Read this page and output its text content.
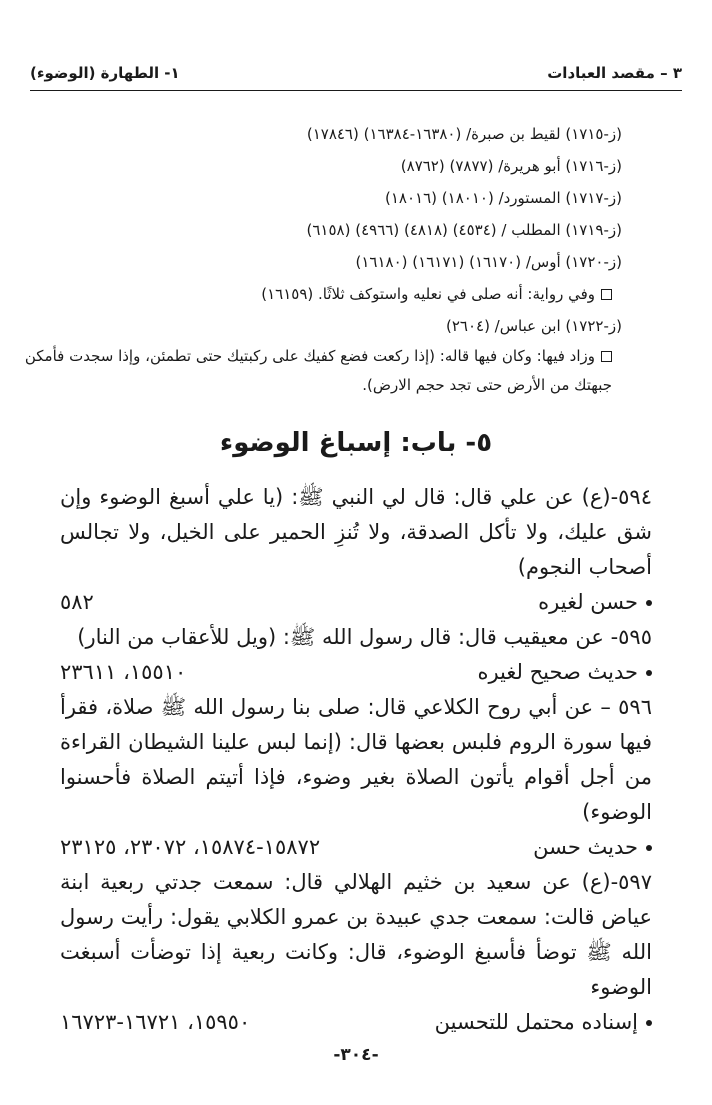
٣ – مقصد العبادات
١- الطهارة (الوضوء)
(ز-١٧١٥) لقيط بن صبرة/ (١٦٣٨٠-١٦٣٨٤) (١٧٨٤٦)
(ز-١٧١٦) أبو هريرة/ (٧٨٧٧) (٨٧٦٢)
(ز-١٧١٧) المستورد/ (١٨٠١٠) (١٨٠١٦)
(ز-١٧١٩) المطلب / (٤٥٣٤) (٤٨١٨) (٤٩٦٦) (٦١٥٨)
(ز-١٧٢٠) أوس/ (١٦١٧٠) (١٦١٧١) (١٦١٨٠)
وفي رواية: أنه صلى في نعليه واستوكف ثلاثًا. (١٦١٥٩)
(ز-١٧٢٢) ابن عباس/ (٢٦٠٤)
وزاد فيها: وكان فيها قاله: (إذا ركعت فضع كفيك على ركبتيك حتى تطمئن، وإذا سجدت فأمكن جبهتك من الأرض حتى تجد حجم الارض).
٥- باب: إسباغ الوضوء
٥٩٤-(ع) عن علي قال: قال لي النبي ﷺ: (يا علي أسبغ الوضوء وإن شق عليك، ولا تأكل الصدقة، ولا تُنزِ الحمير على الخيل، ولا تجالس أصحاب النجوم)
حسن لغيره
٥٨٢
٥٩٥- عن معيقيب قال: قال رسول الله ﷺ: (ويل للأعقاب من النار)
حديث صحيح لغيره
١٥٥١٠، ٢٣٦١١
٥٩٦ – عن أبي روح الكلاعي قال: صلى بنا رسول الله ﷺ صلاة، فقرأ فيها سورة الروم فلبس بعضها قال: (إنما لبس علينا الشيطان القراءة من أجل أقوام يأتون الصلاة بغير وضوء، فإذا أتيتم الصلاة فأحسنوا الوضوء)
حديث حسن
١٥٨٧٢-١٥٨٧٤، ٢٣٠٧٢، ٢٣١٢٥
٥٩٧-(ع) عن سعيد بن خثيم الهلالي قال: سمعت جدتي ربعية ابنة عياض قالت: سمعت جدي عبيدة بن عمرو الكلابي يقول: رأيت رسول الله ﷺ توضأ فأسبغ الوضوء، قال: وكانت ربعية إذا توضأت أسبغت الوضوء
إسناده محتمل للتحسين
١٥٩٥٠، ١٦٧٢١-١٦٧٢٣
-٣٠٤-
